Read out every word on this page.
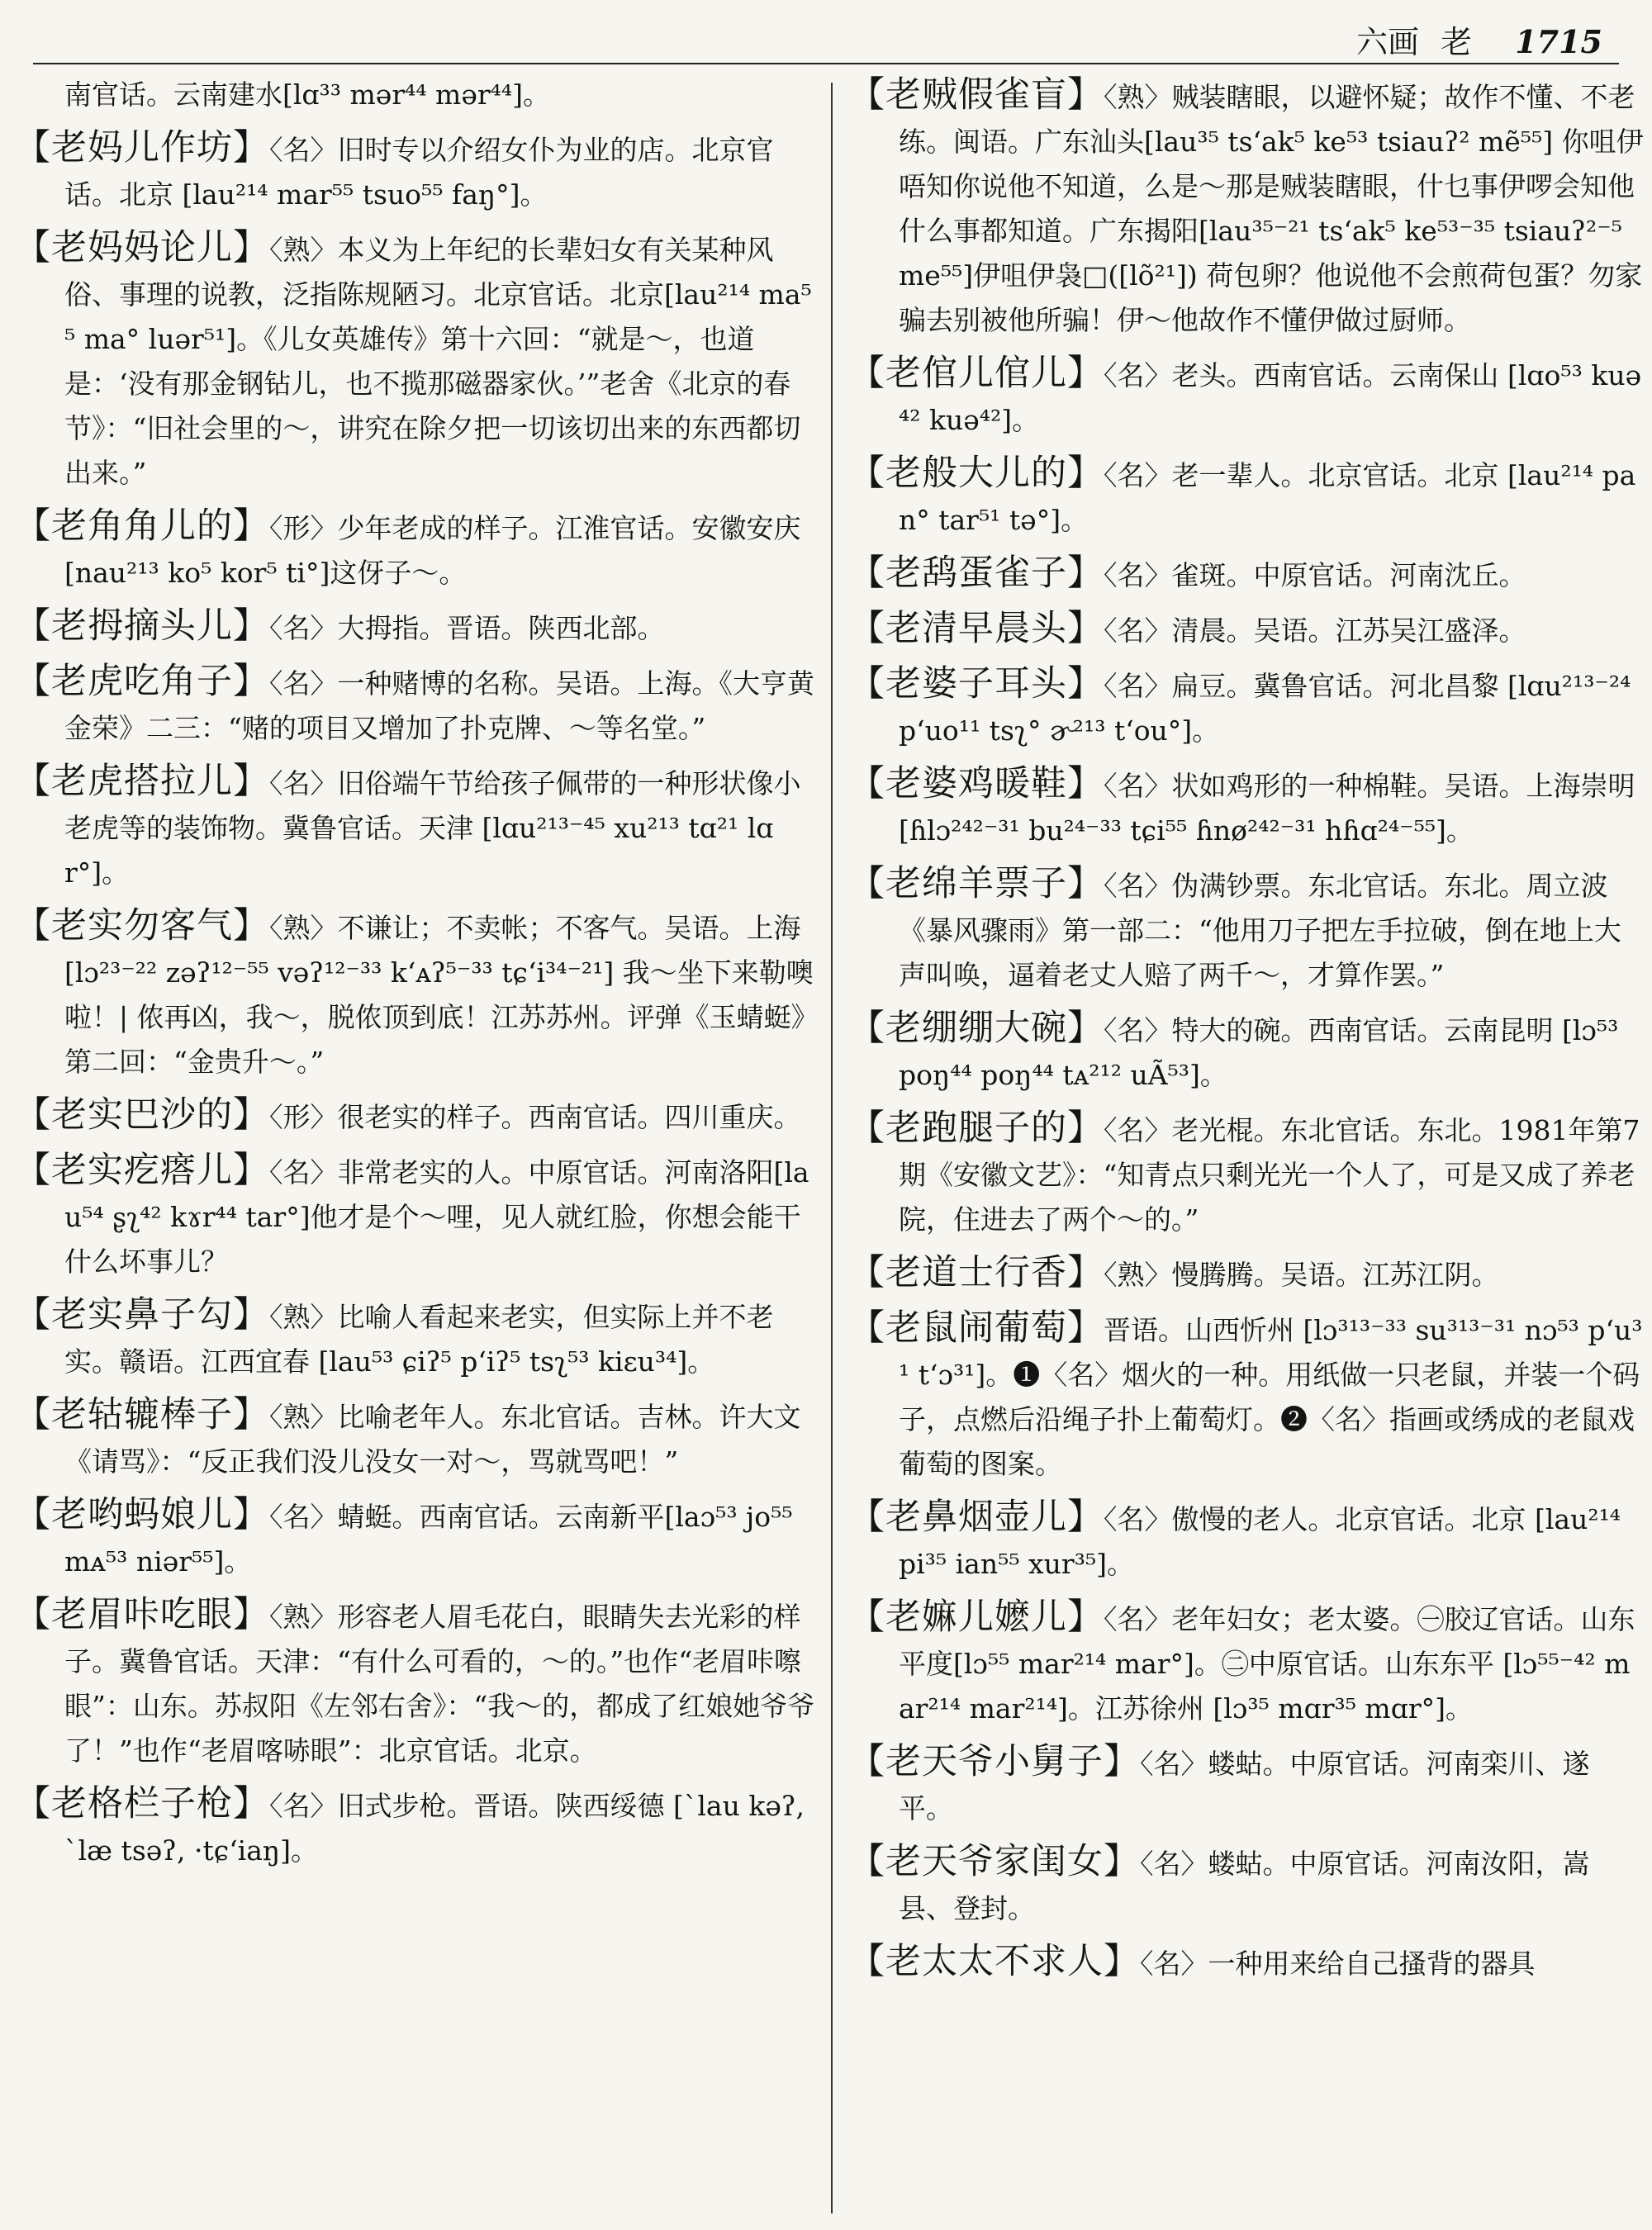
六画 老 1715
南官话。云南建水[lɑ³³ mər⁴⁴ mər⁴⁴]。
【老妈儿作坊】〈名〉旧时专以介绍女仆为业的店。北京官话。北京 [lau²¹⁴ mar⁵⁵ tsuo⁵⁵ faŋ°]。
【老妈妈论儿】〈熟〉本义为上年纪的长辈妇女有关某种风俗、事理的说教，泛指陈规陋习。北京官话。北京[lau²¹⁴ ma⁵⁵ ma° luər⁵¹]。《儿女英雄传》第十六回：“就是～，也道是：‘没有那金钢钻儿，也不揽那磁器家伙。’”老舍《北京的春节》：“旧社会里的～，讲究在除夕把一切该切出来的东西都切出来。”
【老角角儿的】〈形〉少年老成的样子。江淮官话。安徽安庆[nau²¹³ ko⁵ kor⁵ ti°]这伢子～。
【老拇摘头儿】〈名〉大拇指。晋语。陕西北部。
【老虎吃角子】〈名〉一种赌博的名称。吴语。上海。《大亨黄金荣》二三：“赌的项目又增加了扑克牌、～等名堂。”
【老虎搭拉儿】〈名〉旧俗端午节给孩子佩带的一种形状像小老虎等的装饰物。冀鲁官话。天津 [lɑu²¹³⁻⁴⁵ xu²¹³ tɑ²¹ lɑr°]。
【老实勿客气】〈熟〉不谦让；不卖帐；不客气。吴语。上海 [lɔ²³⁻²² zəʔ¹²⁻⁵⁵ vəʔ¹²⁻³³ k‘ᴀʔ⁵⁻³³ tɕ‘i³⁴⁻²¹] 我～坐下来勒噢啦！| 侬再凶，我～，脱侬顶到底！江苏苏州。评弹《玉蜻蜓》第二回：“金贵升～。”
【老实巴沙的】〈形〉很老实的样子。西南官话。四川重庆。
【老实疙瘩儿】〈名〉非常老实的人。中原官话。河南洛阳[lau⁵⁴ ʂʅ⁴² kɤr⁴⁴ tar°]他才是个～哩，见人就红脸，你想会能干什么坏事儿？
【老实鼻子勾】〈熟〉比喻人看起来老实，但实际上并不老实。赣语。江西宜春 [lau⁵³ ɕiʔ⁵ p‘iʔ⁵ tsʅ⁵³ kiɛu³⁴]。
【老轱辘棒子】〈熟〉比喻老年人。东北官话。吉林。许大文《请骂》：“反正我们没儿没女一对～，骂就骂吧！”
【老哟蚂娘儿】〈名〉蜻蜓。西南官话。云南新平[laɔ⁵³ jo⁵⁵ mᴀ⁵³ niər⁵⁵]。
【老眉咔吃眼】〈熟〉形容老人眉毛花白，眼睛失去光彩的样子。冀鲁官话。天津：“有什么可看的，～的。”也作“老眉咔嚓眼”：山东。苏叔阳《左邻右舍》：“我～的，都成了红娘她爷爷了！”也作“老眉喀哧眼”：北京官话。北京。
【老格栏子枪】〈名〉旧式步枪。晋语。陕西绥德 [ˋlau kəʔ, ˋlæ tsəʔ, ·tɕ‘iaŋ]。
【老贼假雀盲】〈熟〉贼装瞎眼，以避怀疑；故作不懂、不老练。闽语。广东汕头[lau³⁵ ts‘ak⁵ ke⁵³ tsiauʔ² mẽ⁵⁵] 你咀伊唔知你说他不知道，么是～那是贼装瞎眼，什乜事伊啰会知他什么事都知道。广东揭阳[lau³⁵⁻²¹ ts‘ak⁵ ke⁵³⁻³⁵ tsiauʔ²⁻⁵ me⁵⁵]伊咀伊袅□([lõ²¹]) 荷包卵？他说他不会煎荷包蛋？勿家骗去别被他所骗！伊～他故作不懂伊做过厨师。
【老倌儿倌儿】〈名〉老头。西南官话。云南保山 [lɑo⁵³ kuə⁴² kuə⁴²]。
【老般大儿的】〈名〉老一辈人。北京官话。北京 [lau²¹⁴ pan° tar⁵¹ tə°]。
【老鸹蛋雀子】〈名〉雀斑。中原官话。河南沈丘。
【老清早晨头】〈名〉清晨。吴语。江苏吴江盛泽。
【老婆子耳头】〈名〉扁豆。冀鲁官话。河北昌黎 [lɑu²¹³⁻²⁴ p‘uo¹¹ tsʅ° ɚ²¹³ t‘ou°]。
【老婆鸡暖鞋】〈名〉状如鸡形的一种棉鞋。吴语。上海崇明[ɦlɔ²⁴²⁻³¹ bu²⁴⁻³³ tɕi⁵⁵ ɦnø²⁴²⁻³¹ hɦɑ²⁴⁻⁵⁵]。
【老绵羊票子】〈名〉伪满钞票。东北官话。东北。周立波《暴风骤雨》第一部二：“他用刀子把左手拉破，倒在地上大声叫唤，逼着老丈人赔了两千～，才算作罢。”
【老绷绷大碗】〈名〉特大的碗。西南官话。云南昆明 [lɔ⁵³ poŋ⁴⁴ poŋ⁴⁴ tᴀ²¹² uÃ⁵³]。
【老跑腿子的】〈名〉老光棍。东北官话。东北。1981年第7期《安徽文艺》：“知青点只剩光光一个人了，可是又成了养老院，住进去了两个～的。”
【老道士行香】〈熟〉慢腾腾。吴语。江苏江阴。
【老鼠闹葡萄】晋语。山西忻州 [lɔ³¹³⁻³³ su³¹³⁻³¹ nɔ⁵³ p‘u³¹ t‘ɔ³¹]。❶〈名〉烟火的一种。用纸做一只老鼠，并装一个码子，点燃后沿绳子扑上葡萄灯。❷〈名〉指画或绣成的老鼠戏葡萄的图案。
【老鼻烟壶儿】〈名〉傲慢的老人。北京官话。北京 [lau²¹⁴ pi³⁵ ian⁵⁵ xur³⁵]。
【老嫲儿嬷儿】〈名〉老年妇女；老太婆。㊀胶辽官话。山东平度[lɔ⁵⁵ mar²¹⁴ mar°]。㊁中原官话。山东东平 [lɔ⁵⁵⁻⁴² mar²¹⁴ mar²¹⁴]。江苏徐州 [lɔ³⁵ mɑr³⁵ mɑr°]。
【老天爷小舅子】〈名〉蝼蛄。中原官话。河南栾川、遂平。
【老天爷家闺女】〈名〉蝼蛄。中原官话。河南汝阳，嵩县、登封。
【老太太不求人】〈名〉一种用来给自己搔背的器具
